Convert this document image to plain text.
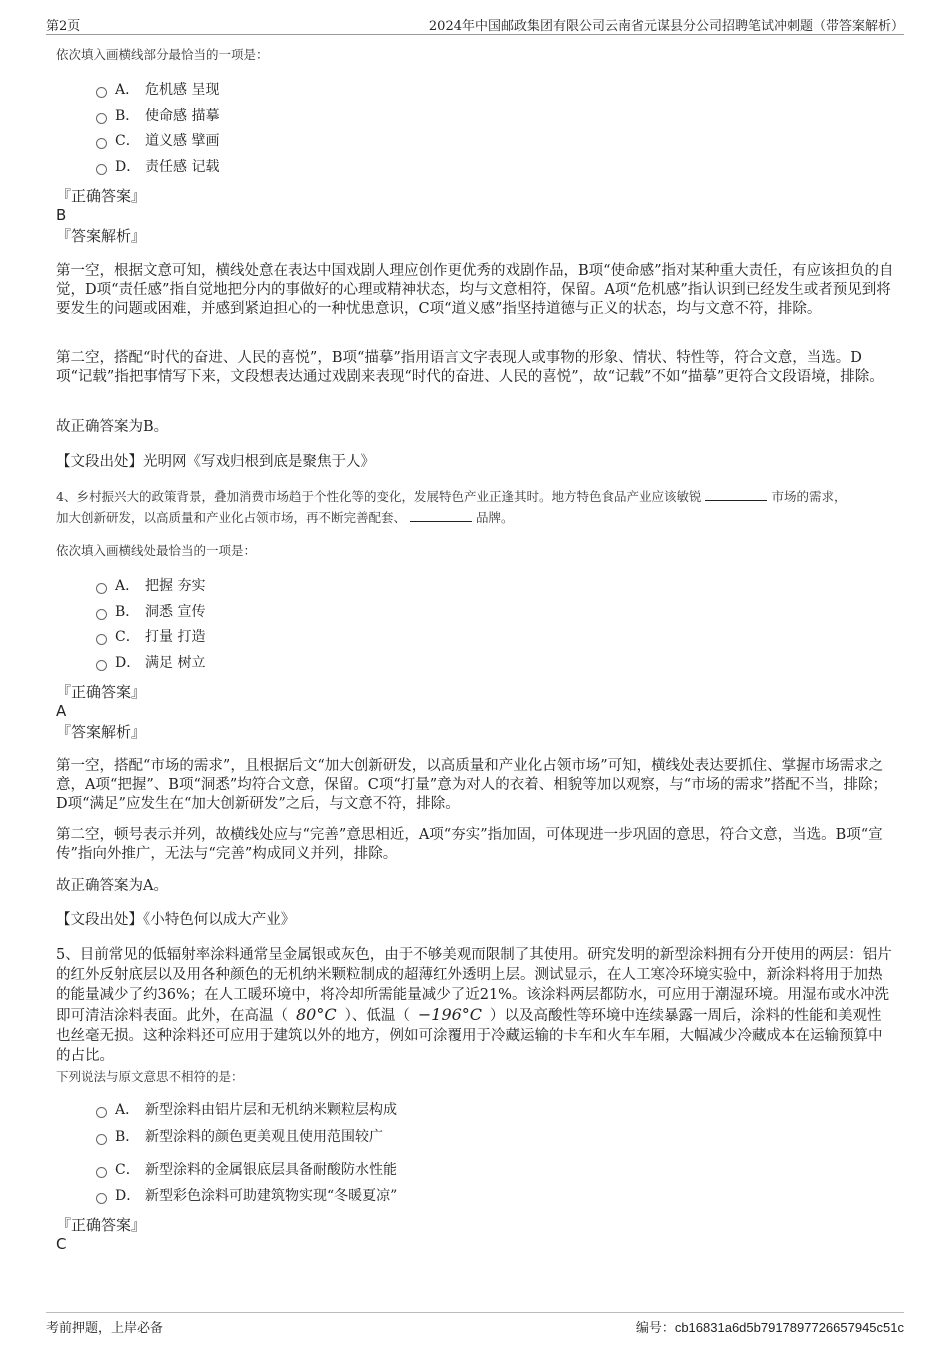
第2页	2024年中国邮政集团有限公司云南省元谋县分公司招聘笔试冲刺题（带答案解析）
依次填入画横线部分最恰当的一项是：
A． 危机感 呈现
B． 使命感 描摹
C． 道义感 擘画
D． 责任感 记载
『正确答案』
B
『答案解析』
第一空，根据文意可知，横线处意在表达中国戏剧人理应创作更优秀的戏剧作品，B项“使命感”指对某种重大责任，有应该担负的自觉，D项“责任感”指自觉地把分内的事做好的心理或精神状态，均与文意相符，保留。A项“危机感”指认识到已经发生或者预见到将要发生的问题或困难，并感到紧迫担心的一种忧患意识，C项“道义感”指坚持道德与正义的状态，均与文意不符，排除。
第二空，搭配“时代的奋进、人民的喜悦”，B项“描摹”指用语言文字表现人或事物的形象、情状、特性等，符合文意，当选。D项“记载”指把事情写下来，文段想表达通过戏剧来表现“时代的奋进、人民的喜悦”，故“记载”不如“描摹”更符合文段语境，排除。
故正确答案为B。
【文段出处】光明网《写戏归根到底是聚焦于人》
4、乡村振兴大的政策背景，叠加消费市场趋于个性化等的变化，发展特色产业正逢其时。地方特色食品产业应该敏锐	市场的需求，
加大创新研发，以高质量和产业化占领市场，再不断完善配套、	品牌。
依次填入画横线处最恰当的一项是：
A． 把握 夯实
B． 洞悉 宣传
C． 打量 打造
D． 满足 树立
『正确答案』
A
『答案解析』
第一空，搭配“市场的需求”，且根据后文“加大创新研发，以高质量和产业化占领市场”可知，横线处表达要抓住、掌握市场需求之意，A项“把握”、B项“洞悉”均符合文意，保留。C项“打量”意为对人的衣着、相貌等加以观察，与“市场的需求”搭配不当，排除；D项“满足”应发生在“加大创新研发”之后，与文意不符，排除。
第二空，顿号表示并列，故横线处应与“完善”意思相近，A项“夯实”指加固，可体现进一步巩固的意思，符合文意，当选。B项“宣传”指向外推广，无法与“完善”构成同义并列，排除。
故正确答案为A。
【文段出处】《小特色何以成大产业》
5、目前常见的低辐射率涂料通常呈金属银或灰色，由于不够美观而限制了其使用。研究发明的新型涂料拥有分开使用的两层：铝片的红外反射底层以及用各种颜色的无机纳米颗粒制成的超薄红外透明上层。测试显示，在人工寒冷环境实验中，新涂料将用于加热的能量减少了约36%；在人工暖环境中，将冷却所需能量减少了近21%。该涂料两层都防水，可应用于潮湿环境。用湿布或水冲洗即可清洁涂料表面。此外，在高温（ 80°C ）、低温（ −196°C ）以及高酸性等环境中连续暴露一周后，涂料的性能和美观性也丝毫无损。这种涂料还可应用于建筑以外的地方，例如可涂覆用于冷藏运输的卡车和火车车厢，大幅减少冷藏成本在运输预算中的占比。
下列说法与原文意思不相符的是：
A． 新型涂料由铝片层和无机纳米颗粒层构成
B． 新型涂料的颜色更美观且使用范围较广
C． 新型涂料的金属银底层具备耐酸防水性能
D． 新型彩色涂料可助建筑物实现“冬暖夏凉”
『正确答案』
C
考前押题，上岸必备	编号：cb16831a6d5b7917897726657945c51c
